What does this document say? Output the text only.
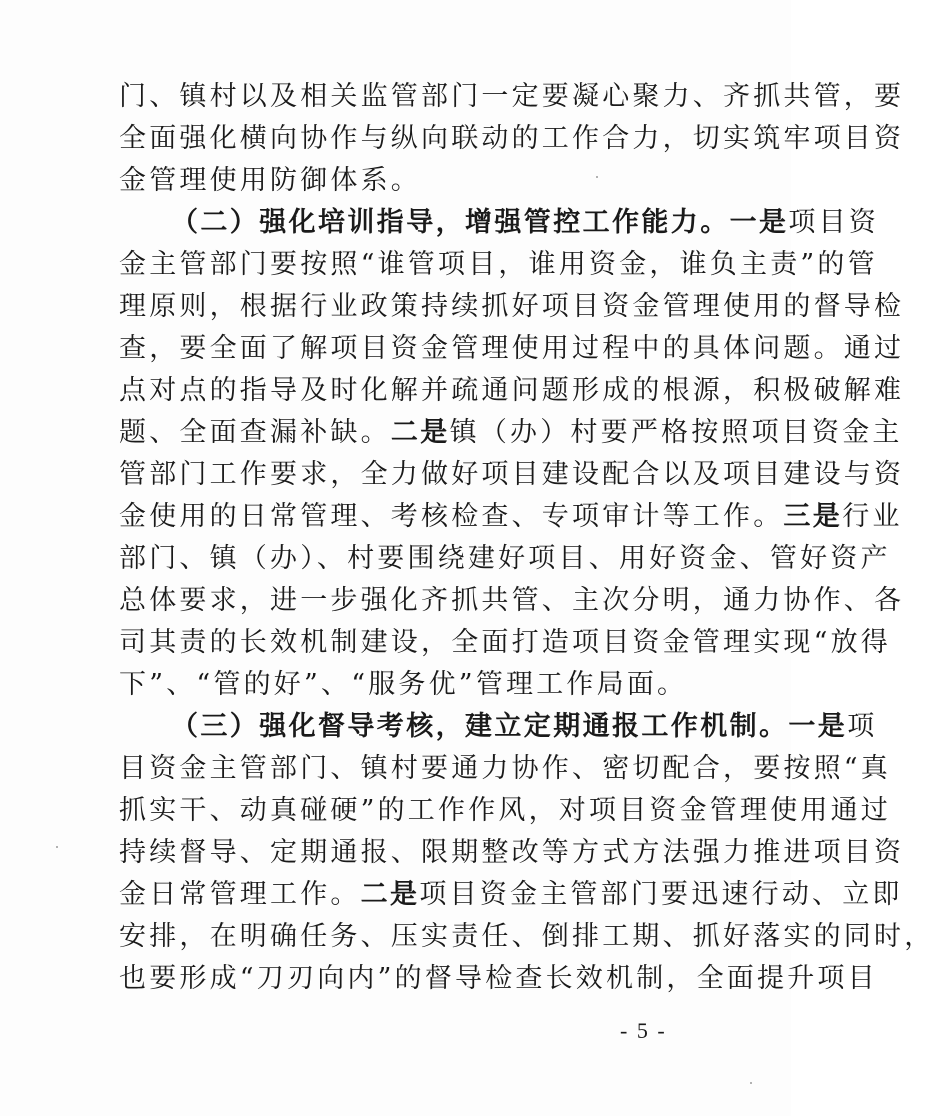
门、镇村以及相关监管部门一定要凝心聚力、齐抓共管，要
全面强化横向协作与纵向联动的工作合力，切实筑牢项目资
金管理使用防御体系。
（二）强化培训指导，增强管控工作能力。一是项目资
金主管部门要按照“谁管项目，谁用资金，谁负主责”的管
理原则，根据行业政策持续抓好项目资金管理使用的督导检
查，要全面了解项目资金管理使用过程中的具体问题。通过
点对点的指导及时化解并疏通问题形成的根源，积极破解难
题、全面查漏补缺。二是镇（办）村要严格按照项目资金主
管部门工作要求，全力做好项目建设配合以及项目建设与资
金使用的日常管理、考核检查、专项审计等工作。三是行业
部门、镇（办）、村要围绕建好项目、用好资金、管好资产
总体要求，进一步强化齐抓共管、主次分明，通力协作、各
司其责的长效机制建设，全面打造项目资金管理实现“放得
下”、“管的好”、“服务优”管理工作局面。
（三）强化督导考核，建立定期通报工作机制。一是项
目资金主管部门、镇村要通力协作、密切配合，要按照“真
- 5 -
抓实干、动真碰硬”的工作作风，对项目资金管理使用通过
持续督导、定期通报、限期整改等方式方法强力推进项目资
金日常管理工作。二是项目资金主管部门要迅速行动、立即
安排，在明确任务、压实责任、倒排工期、抓好落实的同时，
也要形成“刀刃向内”的督导检查长效机制，全面提升项目
